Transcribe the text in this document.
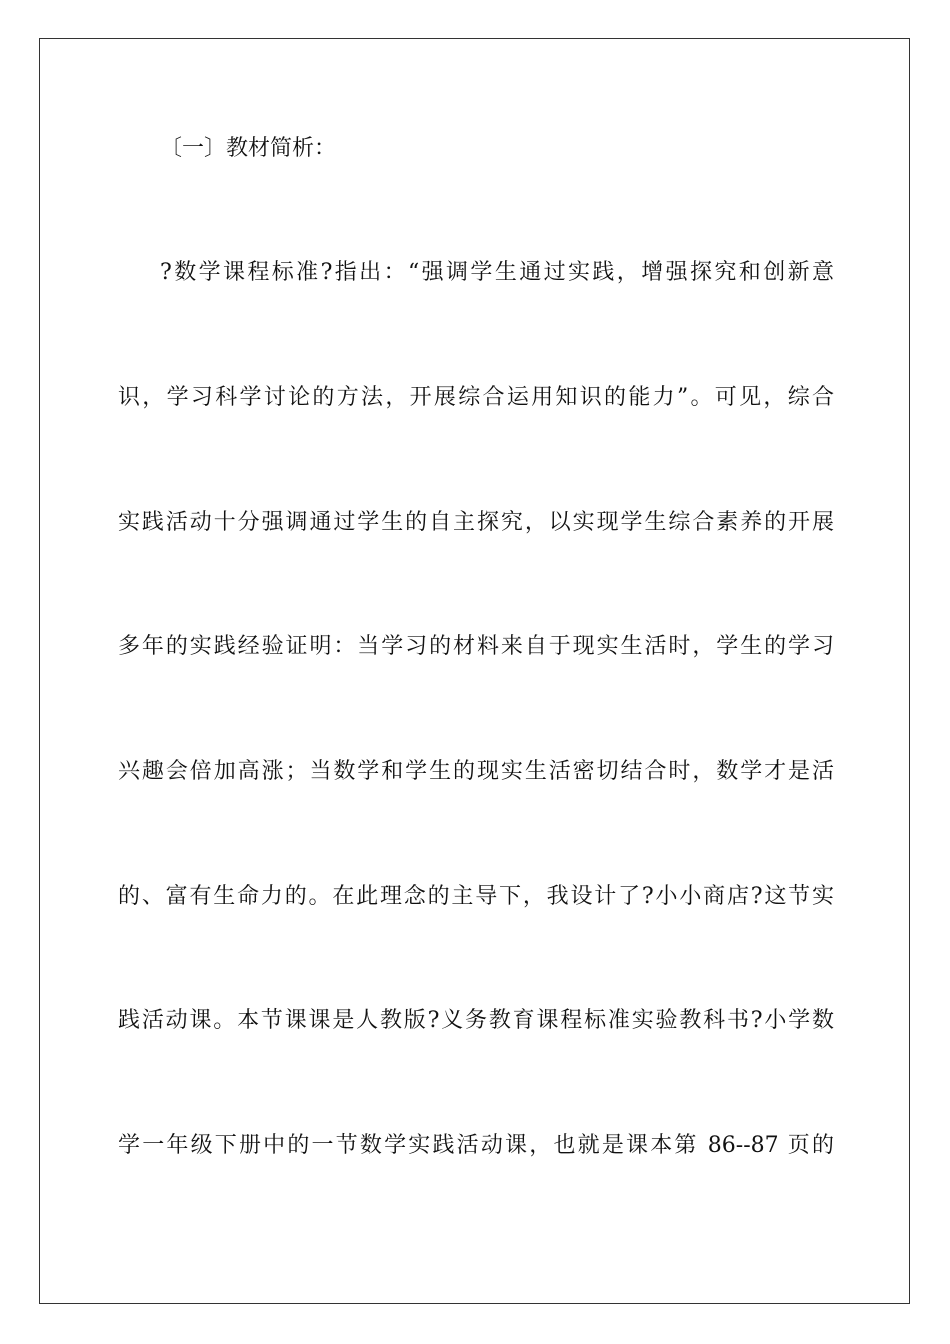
〔一〕教材简析：
?数学课程标准?指出：“强调学生通过实践，增强探究和创新意
识，学习科学讨论的方法，开展综合运用知识的能力”。可见，综合
实践活动十分强调通过学生的自主探究，以实现学生综合素养的开展
多年的实践经验证明：当学习的材料来自于现实生活时，学生的学习
兴趣会倍加高涨；当数学和学生的现实生活密切结合时，数学才是活
的、富有生命力的。在此理念的主导下，我设计了?小小商店?这节实
践活动课。本节课课是人教版?义务教育课程标准实验教科书?小学数
学一年级下册中的一节数学实践活动课，也就是课本第 86--87 页的
